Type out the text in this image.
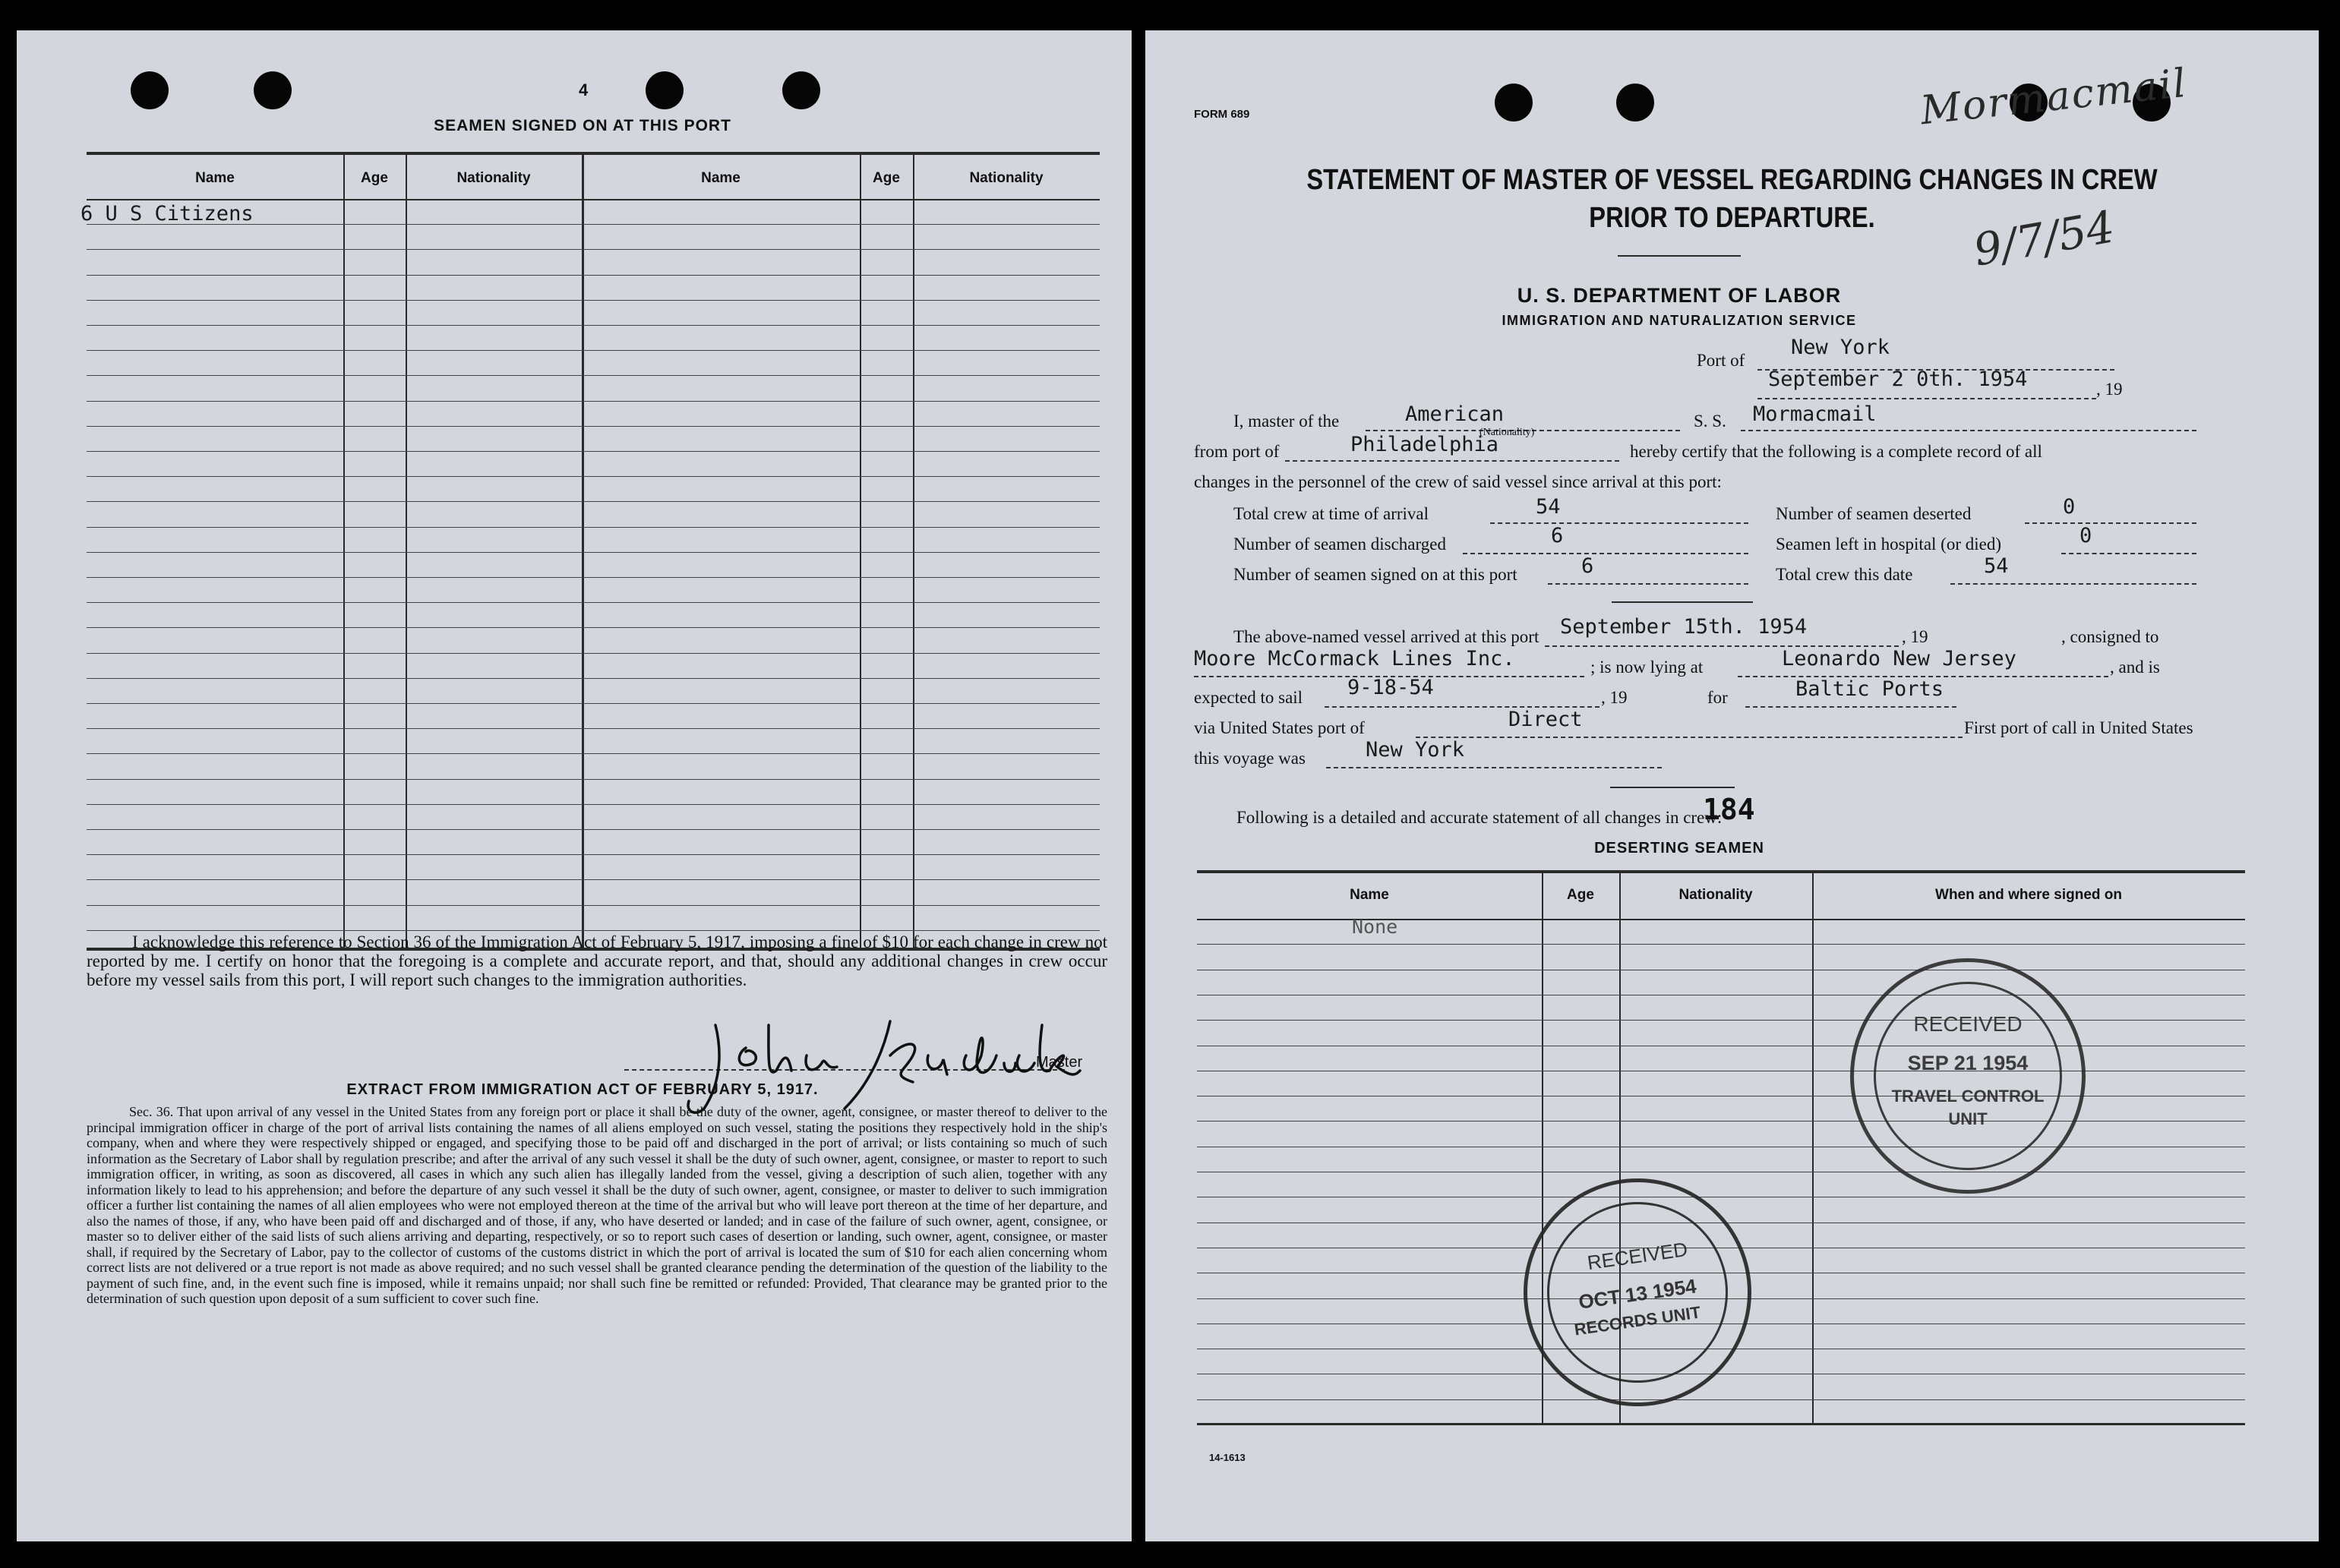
4
SEAMEN SIGNED ON AT THIS PORT
Name	Age	Nationality	Name	Age	Nationality
6 U S Citizens
I acknowledge this reference to Section 36 of the Immigration Act of February 5, 1917, imposing a fine of $10 for each change in crew not reported by me. I certify on honor that the foregoing is a complete and accurate report, and that, should any additional changes in crew occur before my vessel sails from this port, I will report such changes to the immigration authorities.
Master
EXTRACT FROM IMMIGRATION ACT OF FEBRUARY 5, 1917.
Sec. 36. That upon arrival of any vessel in the United States from any foreign port or place it shall be the duty of the owner, agent, consignee, or master thereof to deliver to the principal immigration officer in charge of the port of arrival lists containing the names of all aliens employed on such vessel, stating the positions they respectively hold in the ship's company, when and where they were respectively shipped or engaged, and specifying those to be paid off and discharged in the port of arrival; or lists containing so much of such information as the Secretary of Labor shall by regulation prescribe; and after the arrival of any such vessel it shall be the duty of such owner, agent, consignee, or master to report to such immigration officer, in writing, as soon as discovered, all cases in which any such alien has illegally landed from the vessel, giving a description of such alien, together with any information likely to lead to his apprehension; and before the departure of any such vessel it shall be the duty of such owner, agent, consignee, or master to deliver to such immigration officer a further list containing the names of all alien employees who were not employed thereon at the time of the arrival but who will leave port thereon at the time of her departure, and also the names of those, if any, who have been paid off and discharged and of those, if any, who have deserted or landed; and in case of the failure of such owner, agent, consignee, or master so to deliver either of the said lists of such aliens arriving and departing, respectively, or so to report such cases of desertion or landing, such owner, agent, consignee, or master shall, if required by the Secretary of Labor, pay to the collector of customs of the customs district in which the port of arrival is located the sum of $10 for each alien concerning whom correct lists are not delivered or a true report is not made as above required; and no such vessel shall be granted clearance pending the determination of the question of the liability to the payment of such fine, and, in the event such fine is imposed, while it remains unpaid; nor shall such fine be remitted or refunded: Provided, That clearance may be granted prior to the determination of such question upon deposit of a sum sufficient to cover such fine.
FORM 689	Mormacmail
9/7/54
STATEMENT OF MASTER OF VESSEL REGARDING CHANGES IN CREW
PRIOR TO DEPARTURE.
U. S. DEPARTMENT OF LABOR
IMMIGRATION AND NATURALIZATION SERVICE
Port of
New York
September 2 0th. 1954	, 19
I, master of the	American
(Nationality)
S. S. Mormacmail
from port of	Philadelphia	hereby certify that the following is a complete record of all
changes in the personnel of the crew of said vessel since arrival at this port:
Total crew at time of arrival	54
Number of seamen discharged	6
Number of seamen signed on at this port	6
Number of seamen deserted	0
Seamen left in hospital (or died)	0
Total crew this date	54
The above-named vessel arrived at this port September 15th. 1954	, 19	, consigned to
Moore McCormack Lines Inc.	; is now lying at	Leonardo New Jersey	, and is
expected to sail 9-18-54	, 19	for	Baltic Ports
via United States port of	Direct	First port of call in United States
this voyage was	New York
Following is a detailed and accurate statement of all changes in crew:
184
DESERTING SEAMEN
Name	Age	Nationality	When and where signed on
None
14-1613
RECEIVED
SEP 21 1954
TRAVEL CONTROL
UNIT
RECEIVED
OCT 13 1954
RECORDS UNIT
